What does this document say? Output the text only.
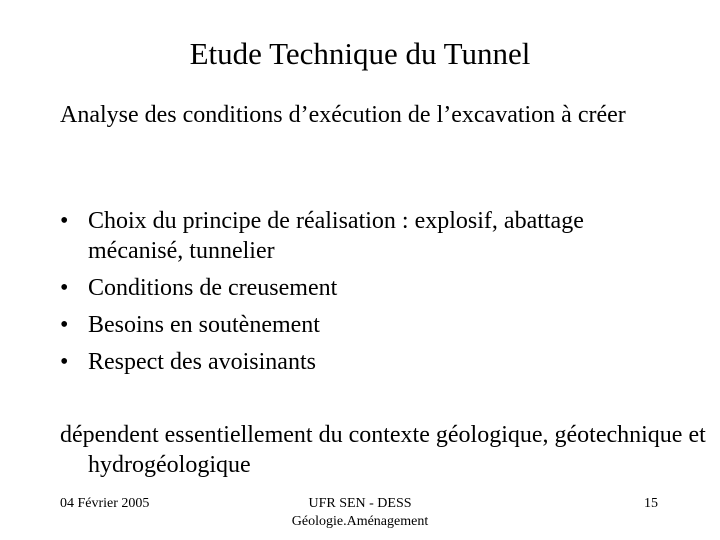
Etude Technique du Tunnel
Analyse des conditions d’exécution de l’excavation à créer
• Choix du principe de réalisation : explosif, abattage mécanisé, tunnelier
• Conditions de creusement
• Besoins en soutènement
• Respect des avoisinants
dépendent essentiellement du contexte géologique, géotechnique et hydrogéologique
04 Février 2005	UFR SEN - DESS
Géologie.Aménagement
15
